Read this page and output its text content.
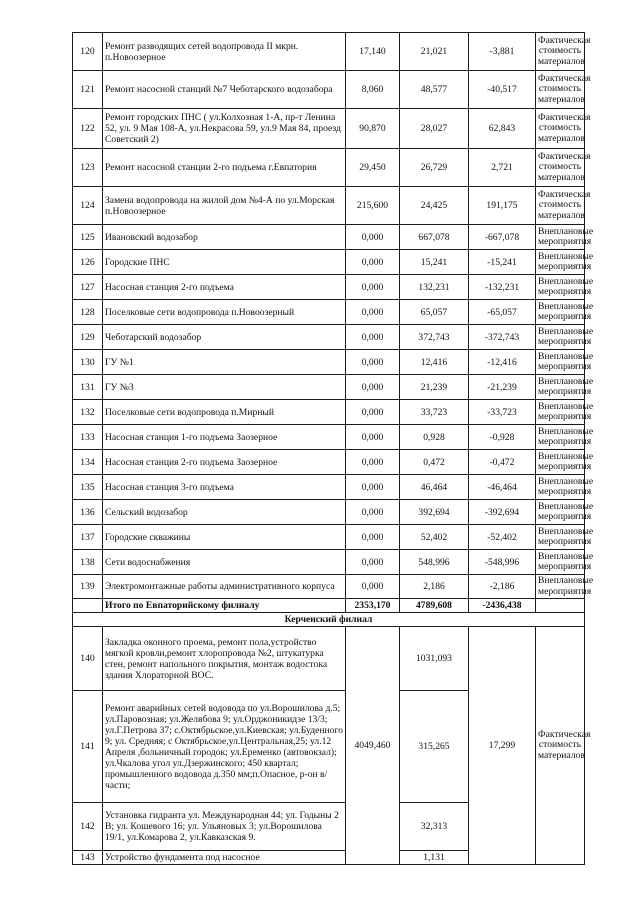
120	Ремонт разводящих сетей водопровода II мкрн. п.Новоозерное	17,140	21,021	-3,881	Фактическая стоимость материалов
121	Ремонт насосной станций №7 Чеботарского водозабора	8,060	48,577	-40,517	Фактическая стоимость материалов
122	Ремонт городских ПНС ( ул.Колхозная 1-А, пр-т Ленина 52, ул. 9 Мая 108-А, ул.Некрасова 59, ул.9 Мая 84, проезд Советский 2)	90,870	28,027	62,843	Фактическая стоимость материалов
123	Ремонт насосной станции 2-го подъема г.Евпатория	29,450	26,729	2,721	Фактическая стоимость материалов
124	Замена водопровода на жилой дом №4-А по ул.Морская п.Новоозерное	215,600	24,425	191,175	Фактическая стоимость материалов
125	Ивановский водозабор	0,000	667,078	-667,078	Внеплановые мероприятия
126	Городские ПНС	0,000	15,241	-15,241	Внеплановые мероприятия
127	Насосная станция 2-го подъема	0,000	132,231	-132,231	Внеплановые мероприятия
128	Поселковые сети водопровода п.Новоозерный	0,000	65,057	-65,057	Внеплановые мероприятия
129	Чеботарский водозабор	0,000	372,743	-372,743	Внеплановые мероприятия
130	ГУ №1	0,000	12,416	-12,416	Внеплановые мероприятия
131	ГУ №3	0,000	21,239	-21,239	Внеплановые мероприятия
132	Поселковые сети водопровода п.Мирный	0,000	33,723	-33,723	Внеплановые мероприятия
133	Насосная станция 1-го подъема Заозерное	0,000	0,928	-0,928	Внеплановые мероприятия
134	Насосная станция 2-го подъема Заозерное	0,000	0,472	-0,472	Внеплановые мероприятия
135	Насосная станция 3-го подъема	0,000	46,464	-46,464	Внеплановые мероприятия
136	Сельский водозабор	0,000	392,694	-392,694	Внеплановые мероприятия
137	Городские скважины	0,000	52,402	-52,402	Внеплановые мероприятия
138	Сети водоснабжения	0,000	548,996	-548,996	Внеплановые мероприятия
139	Электромонтажные работы административного корпуса	0,000	2,186	-2,186	Внеплановые мероприятия
	Итого по Евпаторийскому филиалу	2353,170	4789,608	-2436,438	
Керченский филиал					
140	Закладка оконного проема, ремонт пола,устройство мягкой кровли,ремонт хлоропровода №2, штукатурка стен, ремонт напольного покрытия, монтаж водостока здания Хлораторной ВОС.	4049,460	1031,093	17,299	Фактическая стоимость материалов
141	Ремонт аварийных сетей водовода по ул.Ворошилова д.5; ул.Паровозная; ул.Желябова 9; ул.Орджоникидзе 13/3; ул.Г.Петрова 37; с.Октябрьское,ул.Киевская; ул.Буденного 9; ул. Средняя; с Октябрьское,ул.Центральная,25; ул.12 Апреля ,больничный городок; ул.Еременко (автовокзал); ул.Чкалова угол ул.Дзержинского; 450 квартал; промышленного водовода д.350 мм;п.Опасное, р-он в/части;		315,265		
142	Установка гидранта ул. Международная 44; ул. Годыны 2 В; ул. Кошевого 16; ул. Ульяновых 3; ул.Ворошилова 19/1, ул.Комарова 2, ул.Кавказская 9.		32,313		
143	Устройство фундамента под насосное		1,131		
